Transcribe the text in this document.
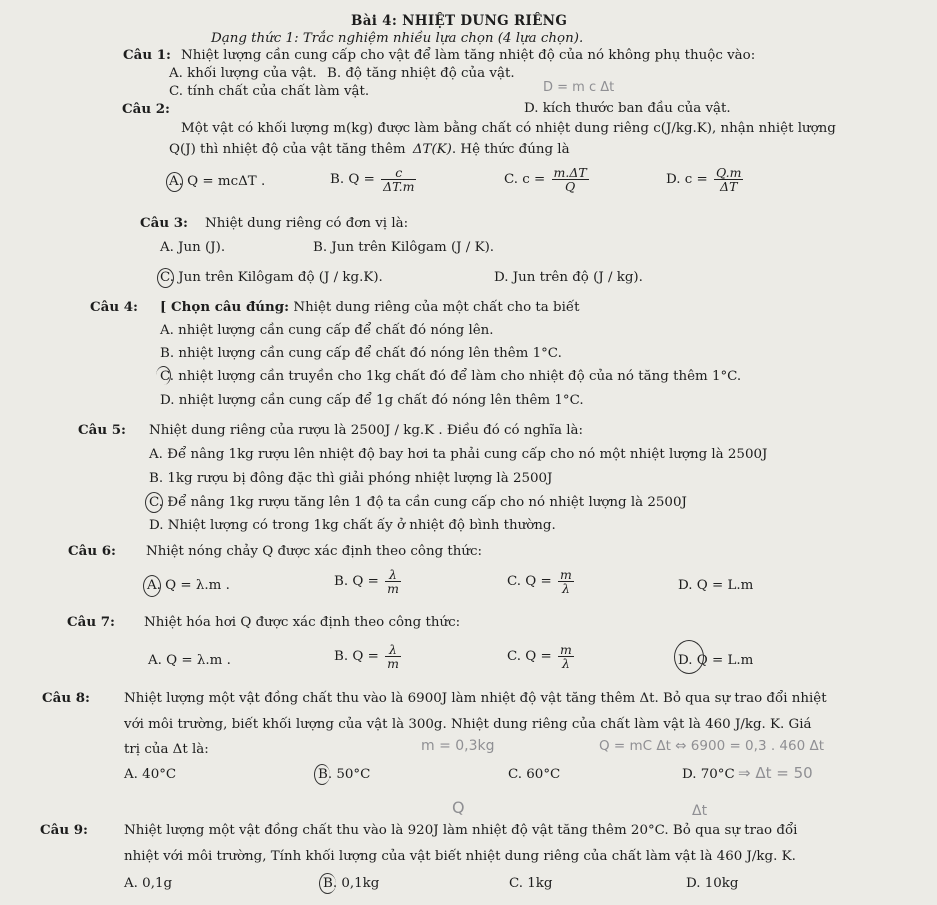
Bài 4: NHIỆT DUNG RIÊNG
Dạng thức 1: Trắc nghiệm nhiều lựa chọn (4 lựa chọn).
Câu 1: Nhiệt lượng cần cung cấp cho vật để làm tăng nhiệt độ của nó không phụ thuộc vào:
A. khối lượng của vật. B. độ tăng nhiệt độ của vật.
D = m c Δt
C. tính chất của chất làm vật.
D. kích thước ban đầu của vật.
Câu 2:
Một vật có khối lượng m(kg) được làm bằng chất có nhiệt dung riêng c(J/kg.K), nhận nhiệt lượng
Q(J) thì nhiệt độ của vật tăng thêm ΔT(K). Hệ thức đúng là
A. Q = mcΔT .	B. $Q = \frac{c}{\Delta T.m}$	C. $c = \frac{m.\Delta T}{Q}$	D. $c = \frac{Q.m}{\Delta T}$
Câu 3: Nhiệt dung riêng có đơn vị là:
A. Jun (J).	B. Jun trên Kilôgam (J / K).
C. Jun trên Kilôgam độ (J / kg.K).	D. Jun trên độ (J / kg).
Câu 4: [ Chọn câu đúng: Nhiệt dung riêng của một chất cho ta biết
A. nhiệt lượng cần cung cấp để chất đó nóng lên.
B. nhiệt lượng cần cung cấp để chất đó nóng lên thêm 1°C.
C. nhiệt lượng cần truyền cho 1kg chất đó để làm cho nhiệt độ của nó tăng thêm 1°C.
D. nhiệt lượng cần cung cấp để 1g chất đó nóng lên thêm 1°C.
Câu 5: Nhiệt dung riêng của rượu là 2500J / kg.K . Điều đó có nghĩa là:
A. Để nâng 1kg rượu lên nhiệt độ bay hơi ta phải cung cấp cho nó một nhiệt lượng là 2500J
B. 1kg rượu bị đông đặc thì giải phóng nhiệt lượng là 2500J
C. Để nâng 1kg rượu tăng lên 1 độ ta cần cung cấp cho nó nhiệt lượng là 2500J
D. Nhiệt lượng có trong 1kg chất ấy ở nhiệt độ bình thường.
Câu 6: Nhiệt nóng chảy Q được xác định theo công thức:
A. Q = λ.m .	B. $Q = \frac{\lambda}{m}$	C. $Q = \frac{m}{\lambda}$	D. Q = L.m
Câu 7: Nhiệt hóa hơi Q được xác định theo công thức:
A. Q = λ.m .	B. $Q = \frac{\lambda}{m}$	C. $Q = \frac{m}{\lambda}$	D. Q = L.m
Câu 8:	Nhiệt lượng một vật đồng chất thu vào là 6900J làm nhiệt độ vật tăng thêm Δt. Bỏ qua sự trao đổi nhiệt
với môi trường, biết khối lượng của vật là 300g. Nhiệt dung riêng của chất làm vật là 460 J/kg. K. Giá
trị của Δt là:	m = 0,3kg	Q = mC Δt ⇔ 6900 = 0,3 . 460 Δt
A. 40°C	B. 50°C	C. 60°C	D. 70°C ⇒ Δt = 50
Q	Δt
Câu 9:	Nhiệt lượng một vật đồng chất thu vào là 920J làm nhiệt độ vật tăng thêm 20°C. Bỏ qua sự trao đổi
nhiệt với môi trường, Tính khối lượng của vật biết nhiệt dung riêng của chất làm vật là 460 J/kg. K.
A. 0,1g	B. 0,1kg	C. 1kg	D. 10kg
